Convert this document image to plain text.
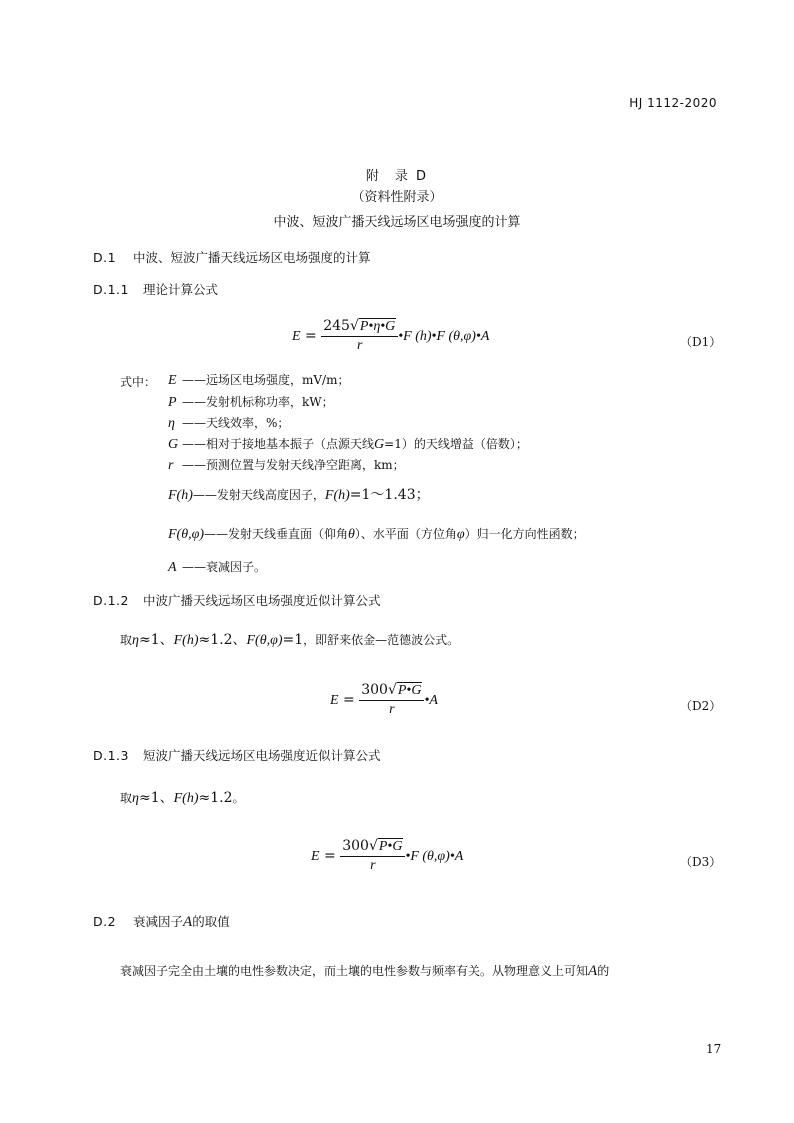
HJ 1112-2020
附 录 D
（资料性附录）
中波、短波广播天线远场区电场强度的计算
D.1 中波、短波广播天线远场区电场强度的计算
D.1.1 理论计算公式
$E = \frac{245√P•\eta•G}{r}$ •F (h)•F (θ,φ)•A	（D1）
式中： E ——远场区电场强度，mV/m；
P ——发射机标称功率，kW；
η ——天线效率，%；
G ——相对于接地基本振子（点源天线G=1）的天线增益（倍数）；
r ——预测位置与发射天线净空距离，km；
F(h)——发射天线高度因子，F(h)=1～1.43；
F(θ,φ)——发射天线垂直面（仰角θ）、水平面（方位角φ）归一化方向性函数；
A ——衰减因子。
D.1.2 中波广播天线远场区电场强度近似计算公式
取η≈1、F(h)≈1.2、F(θ,φ)=1，即舒来依金—范德波公式。
$E = \frac{300√P•G}{r}$ •A	（D2）
D.1.3 短波广播天线远场区电场强度近似计算公式
取η≈1、F(h)≈1.2。
$E = \frac{300√P•G}{r}$ •F (θ,φ)•A	（D3）
D.2 衰减因子A的取值
衰减因子完全由土壤的电性参数决定，而土壤的电性参数与频率有关。从物理意义上可知A的
17
